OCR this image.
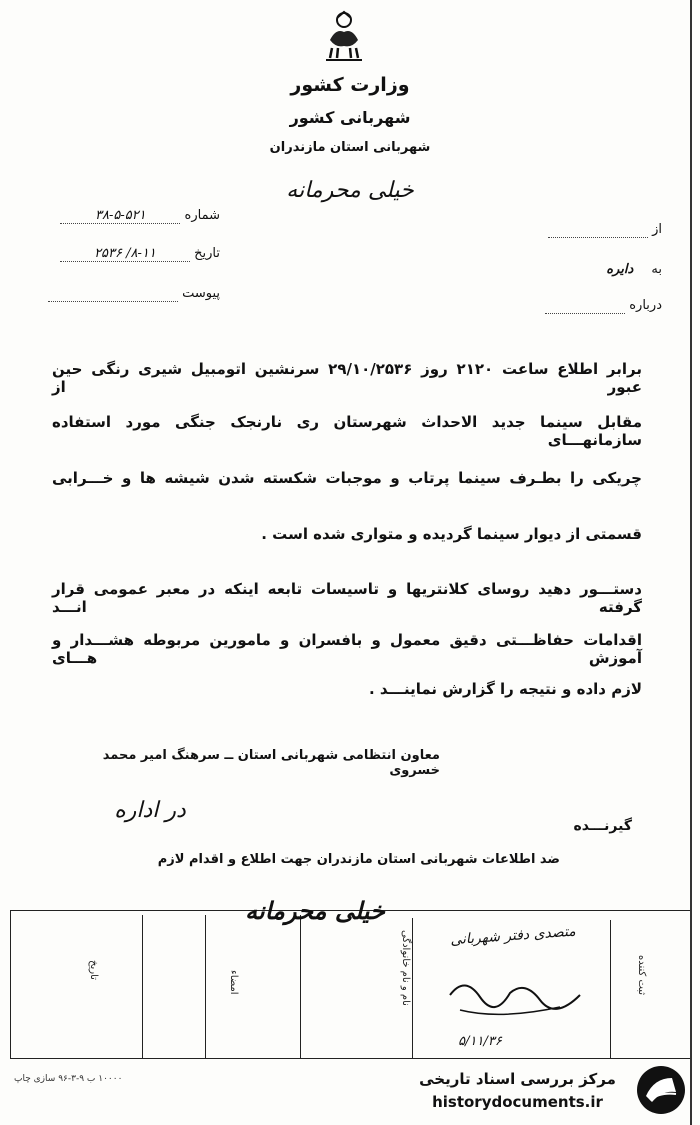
وزارت کشور
شهربانی کشور
شهربانی استان مازندران
خیلی محرمانه
شماره ۳۸-۵-۵۲۱
تاریخ ۸-۱۱/ ۲۵۳۶
پیوست
از
به دایره
درباره
برابر اطلاع ساعت ۲۱۲۰ روز ۲۹/۱۰/۲۵۳۶ سرنشین اتومبیل شیری رنگی حین عبور از
مقابل سینما جدید الاحداث شهرستان ری نارنجک جنگی مورد استفاده سازمانهـــای
چریکی را بطـرف سینما پرتاب و موجبات شکسته شدن شیشه ها و خـــرابی
قسمتی از دیوار سینما گردیده و متواری شده است .
دستـــور دهید روسای کلانتریها و تاسیسات تابعه اینکه در معبر عمومی قرار گرفته انـــد
اقدامات حفاظـــتی دقیق معمول و بافسران و مامورین مربوطه هشـــدار و آموزش هـــای
لازم داده و نتیجه را گزارش نماینـــد .
معاون انتظامی شهربانی استان ــ سرهنگ امیر محمد خسروی
در اداره
گیرنـــده
ضد اطلاعات شهربانی استان مازندران جهت اطلاع و اقدام لازم
خیلی محرمانه
تاریخ
امضاء	نام و نام خانوادگی	ثبت کننده
متصدی دفتر شهربانی
۵/۱۱/۳۶
۱۰۰۰۰ ب ۹-۳-۹۶ سازی چاپ	مرکز بررسی اسناد تاریخی
historydocuments.ir
